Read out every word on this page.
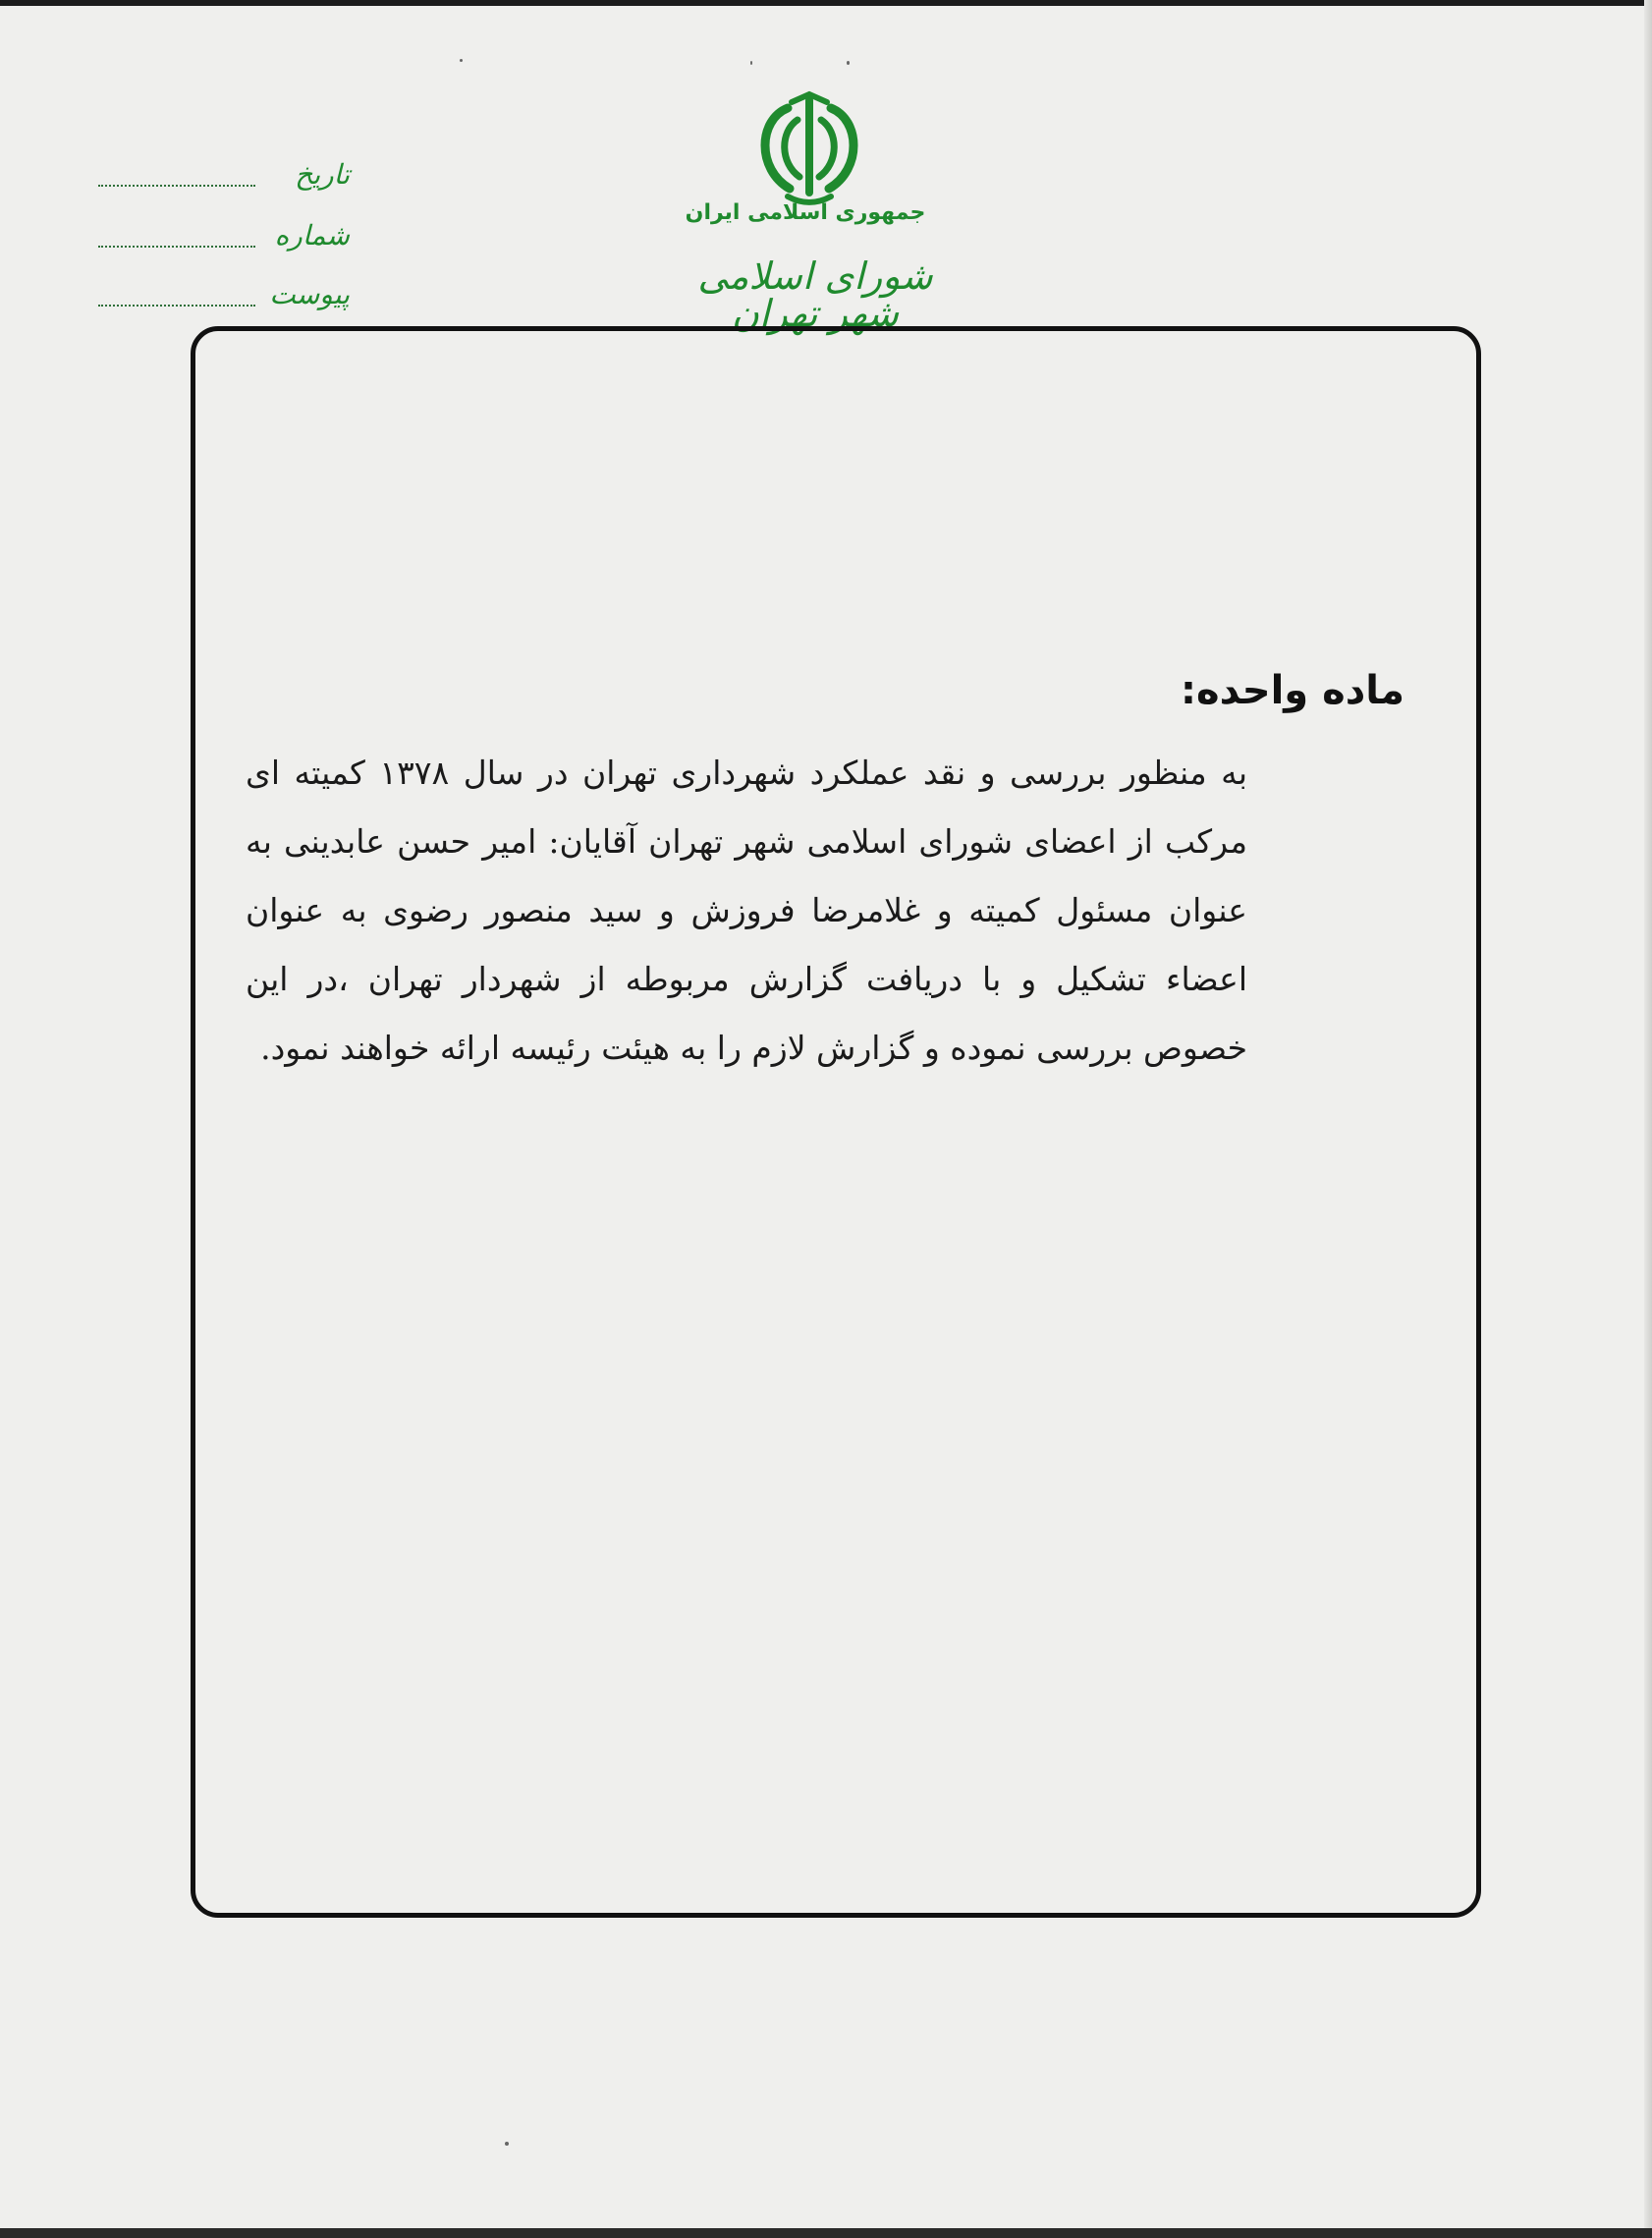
جمهوری اسلامی ایران
شورای اسلامی شهر تهران
تاریخ
شماره
پیوست
ماده واحده:
به منظور بررسی و نقد عملکرد شهرداری تهران در سال ۱۳۷۸ کمیته ای مرکب از اعضای شورای اسلامی شهر تهران آقایان: امیر حسن عابدینی به عنوان مسئول کمیته و غلامرضا فروزش و سید منصور رضوی به عنوان اعضاء تشکیل و با دریافت گزارش مربوطه از شهردار تهران ،در این خصوص بررسی نموده و گزارش لازم را به هیئت رئیسه ارائه خواهند نمود.
